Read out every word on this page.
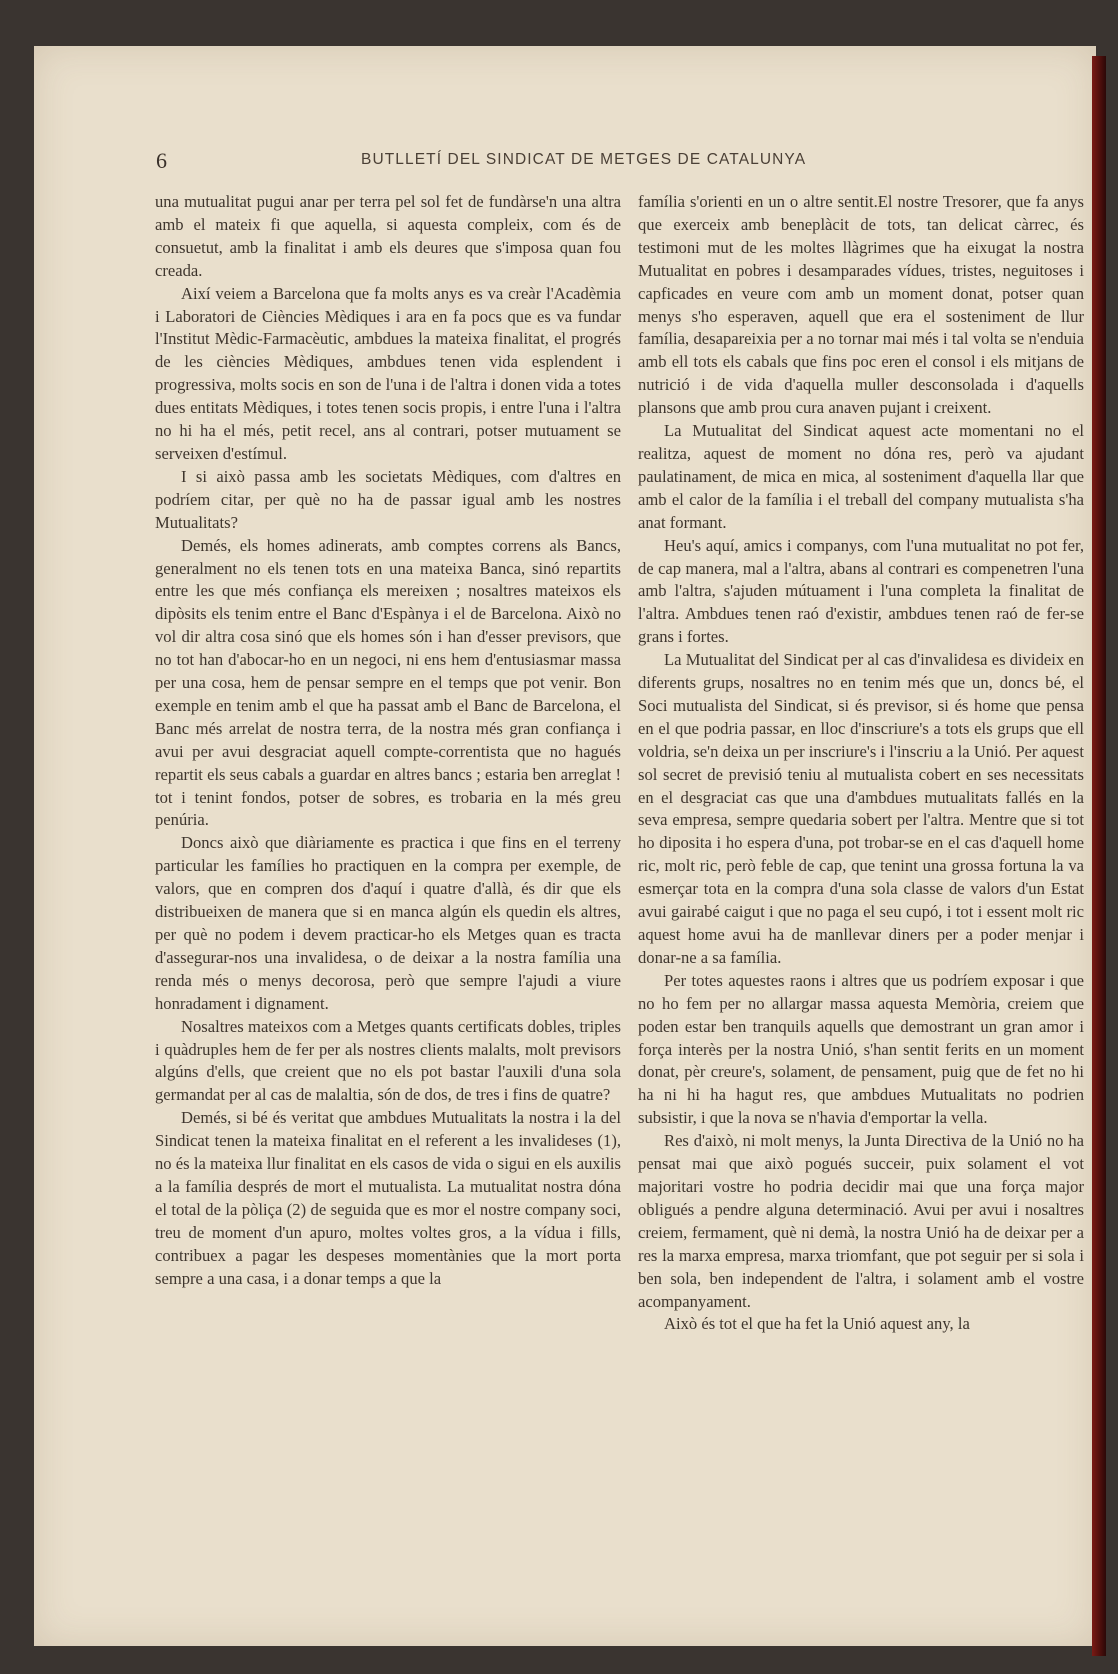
6	BUTLLETÍ DEL SINDICAT DE METGES DE CATALUNYA

una mutualitat pugui anar per terra pel sol fet de fundàrse'n una altra amb el mateix fi que aquella, si aquesta compleix, com és de consuetut, amb la finalitat i amb els deures que s'imposa quan fou creada.

Així veiem a Barcelona que fa molts anys es va creàr l'Acadèmia i Laboratori de Ciències Mèdiques i ara en fa pocs que es va fundar l'Institut Mèdic-Farmacèutic, ambdues la mateixa finalitat, el progrés de les ciències Mèdiques, ambdues tenen vida esplendent i progressiva, molts socis en son de l'una i de l'altra i donen vida a totes dues entitats Mèdiques, i totes tenen socis propis, i entre l'una i l'altra no hi ha el més, petit recel, ans al contrari, potser mutuament se serveixen d'estímul.

I si això passa amb les societats Mèdiques, com d'altres en podríem citar, per què no ha de passar igual amb les nostres Mutualitats?

Demés, els homes adinerats, amb comptes correns als Bancs, generalment no els tenen tots en una mateixa Banca, sinó repartits entre les que més confiança els mereixen ; nosaltres mateixos els dipòsits els tenim entre el Banc d'Espànya i el de Barcelona. Això no vol dir altra cosa sinó que els homes són i han d'esser previsors, que no tot han d'abocar-ho en un negoci, ni ens hem d'entusiasmar massa per una cosa, hem de pensar sempre en el temps que pot venir. Bon exemple en tenim amb el que ha passat amb el Banc de Barcelona, el Banc més arrelat de nostra terra, de la nostra més gran confiança i avui per avui desgraciat aquell compte-correntista que no hagués repartit els seus cabals a guardar en altres bancs ; estaria ben arreglat ! tot i tenint fondos, potser de sobres, es trobaria en la més greu penúria.

Doncs això que diàriamente es practica i que fins en el terreny particular les famílies ho practiquen en la compra per exemple, de valors, que en compren dos d'aquí i quatre d'allà, és dir que els distribueixen de manera que si en manca algún els quedin els altres, per què no podem i devem practicar-ho els Metges quan es tracta d'assegurar-nos una invalidesa, o de deixar a la nostra família una renda més o menys decorosa, però que sempre l'ajudi a viure honradament i dignament.

Nosaltres mateixos com a Metges quants certificats dobles, triples i quàdruples hem de fer per als nostres clients malalts, molt previsors algúns d'ells, que creient que no els pot bastar l'auxili d'una sola germandat per al cas de malaltia, són de dos, de tres i fins de quatre?

Demés, si bé és veritat que ambdues Mutualitats la nostra i la del Sindicat tenen la mateixa finalitat en el referent a les invalideses (1), no és la mateixa llur finalitat en els casos de vida o sigui en els auxilis a la família després de mort el mutualista. La mutualitat nostra dóna el total de la pòliça (2) de seguida que es mor el nostre company soci, treu de moment d'un apuro, moltes voltes gros, a la vídua i fills, contribuex a pagar les despeses momentànies que la mort porta sempre a una casa, i a donar temps a que la

família s'orienti en un o altre sentit.El nostre Tresorer, que fa anys que exerceix amb beneplàcit de tots, tan delicat càrrec, és testimoni mut de les moltes llàgrimes que ha eixugat la nostra Mutualitat en pobres i desamparades vídues, tristes, neguitoses i capficades en veure com amb un moment donat, potser quan menys s'ho esperaven, aquell que era el sosteniment de llur família, desapareixia per a no tornar mai més i tal volta se n'enduia amb ell tots els cabals que fins poc eren el consol i els mitjans de nutrició i de vida d'aquella muller desconsolada i d'aquells plansons que amb prou cura anaven pujant i creixent.

La Mutualitat del Sindicat aquest acte momentani no el realitza, aquest de moment no dóna res, però va ajudant paulatinament, de mica en mica, al sosteniment d'aquella llar que amb el calor de la família i el treball del company mutualista s'ha anat formant.

Heu's aquí, amics i companys, com l'una mutualitat no pot fer, de cap manera, mal a l'altra, abans al contrari es compenetren l'una amb l'altra, s'ajuden mútuament i l'una completa la finalitat de l'altra. Ambdues tenen raó d'existir, ambdues tenen raó de fer-se grans i fortes.

La Mutualitat del Sindicat per al cas d'invalidesa es divideix en diferents grups, nosaltres no en tenim més que un, doncs bé, el Soci mutualista del Sindicat, si és previsor, si és home que pensa en el que podria passar, en lloc d'inscriure's a tots els grups que ell voldria, se'n deixa un per inscriure's i l'inscriu a la Unió. Per aquest sol secret de previsió teniu al mutualista cobert en ses necessitats en el desgraciat cas que una d'ambdues mutualitats fallés en la seva empresa, sempre quedaria sobert per l'altra. Mentre que si tot ho diposita i ho espera d'una, pot trobar-se en el cas d'aquell home ric, molt ric, però feble de cap, que tenint una grossa fortuna la va esmerçar tota en la compra d'una sola classe de valors d'un Estat avui gairabé caigut i que no paga el seu cupó, i tot i essent molt ric aquest home avui ha de manllevar diners per a poder menjar i donar-ne a sa família.

Per totes aquestes raons i altres que us podríem exposar i que no ho fem per no allargar massa aquesta Memòria, creiem que poden estar ben tranquils aquells que demostrant un gran amor i força interès per la nostra Unió, s'han sentit ferits en un moment donat, pèr creure's, solament, de pensament, puig que de fet no hi ha ni hi ha hagut res, que ambdues Mutualitats no podrien subsistir, i que la nova se n'havia d'emportar la vella.

Res d'això, ni molt menys, la Junta Directiva de la Unió no ha pensat mai que això pogués succeir, puix solament el vot majoritari vostre ho podria decidir mai que una força major obligués a pendre alguna determinació. Avui per avui i nosaltres creiem, fermament, què ni demà, la nostra Unió ha de deixar per a res la marxa empresa, marxa triomfant, que pot seguir per si sola i ben sola, ben independent de l'altra, i solament amb el vostre acompanyament.

Això és tot el que ha fet la Unió aquest any, la
